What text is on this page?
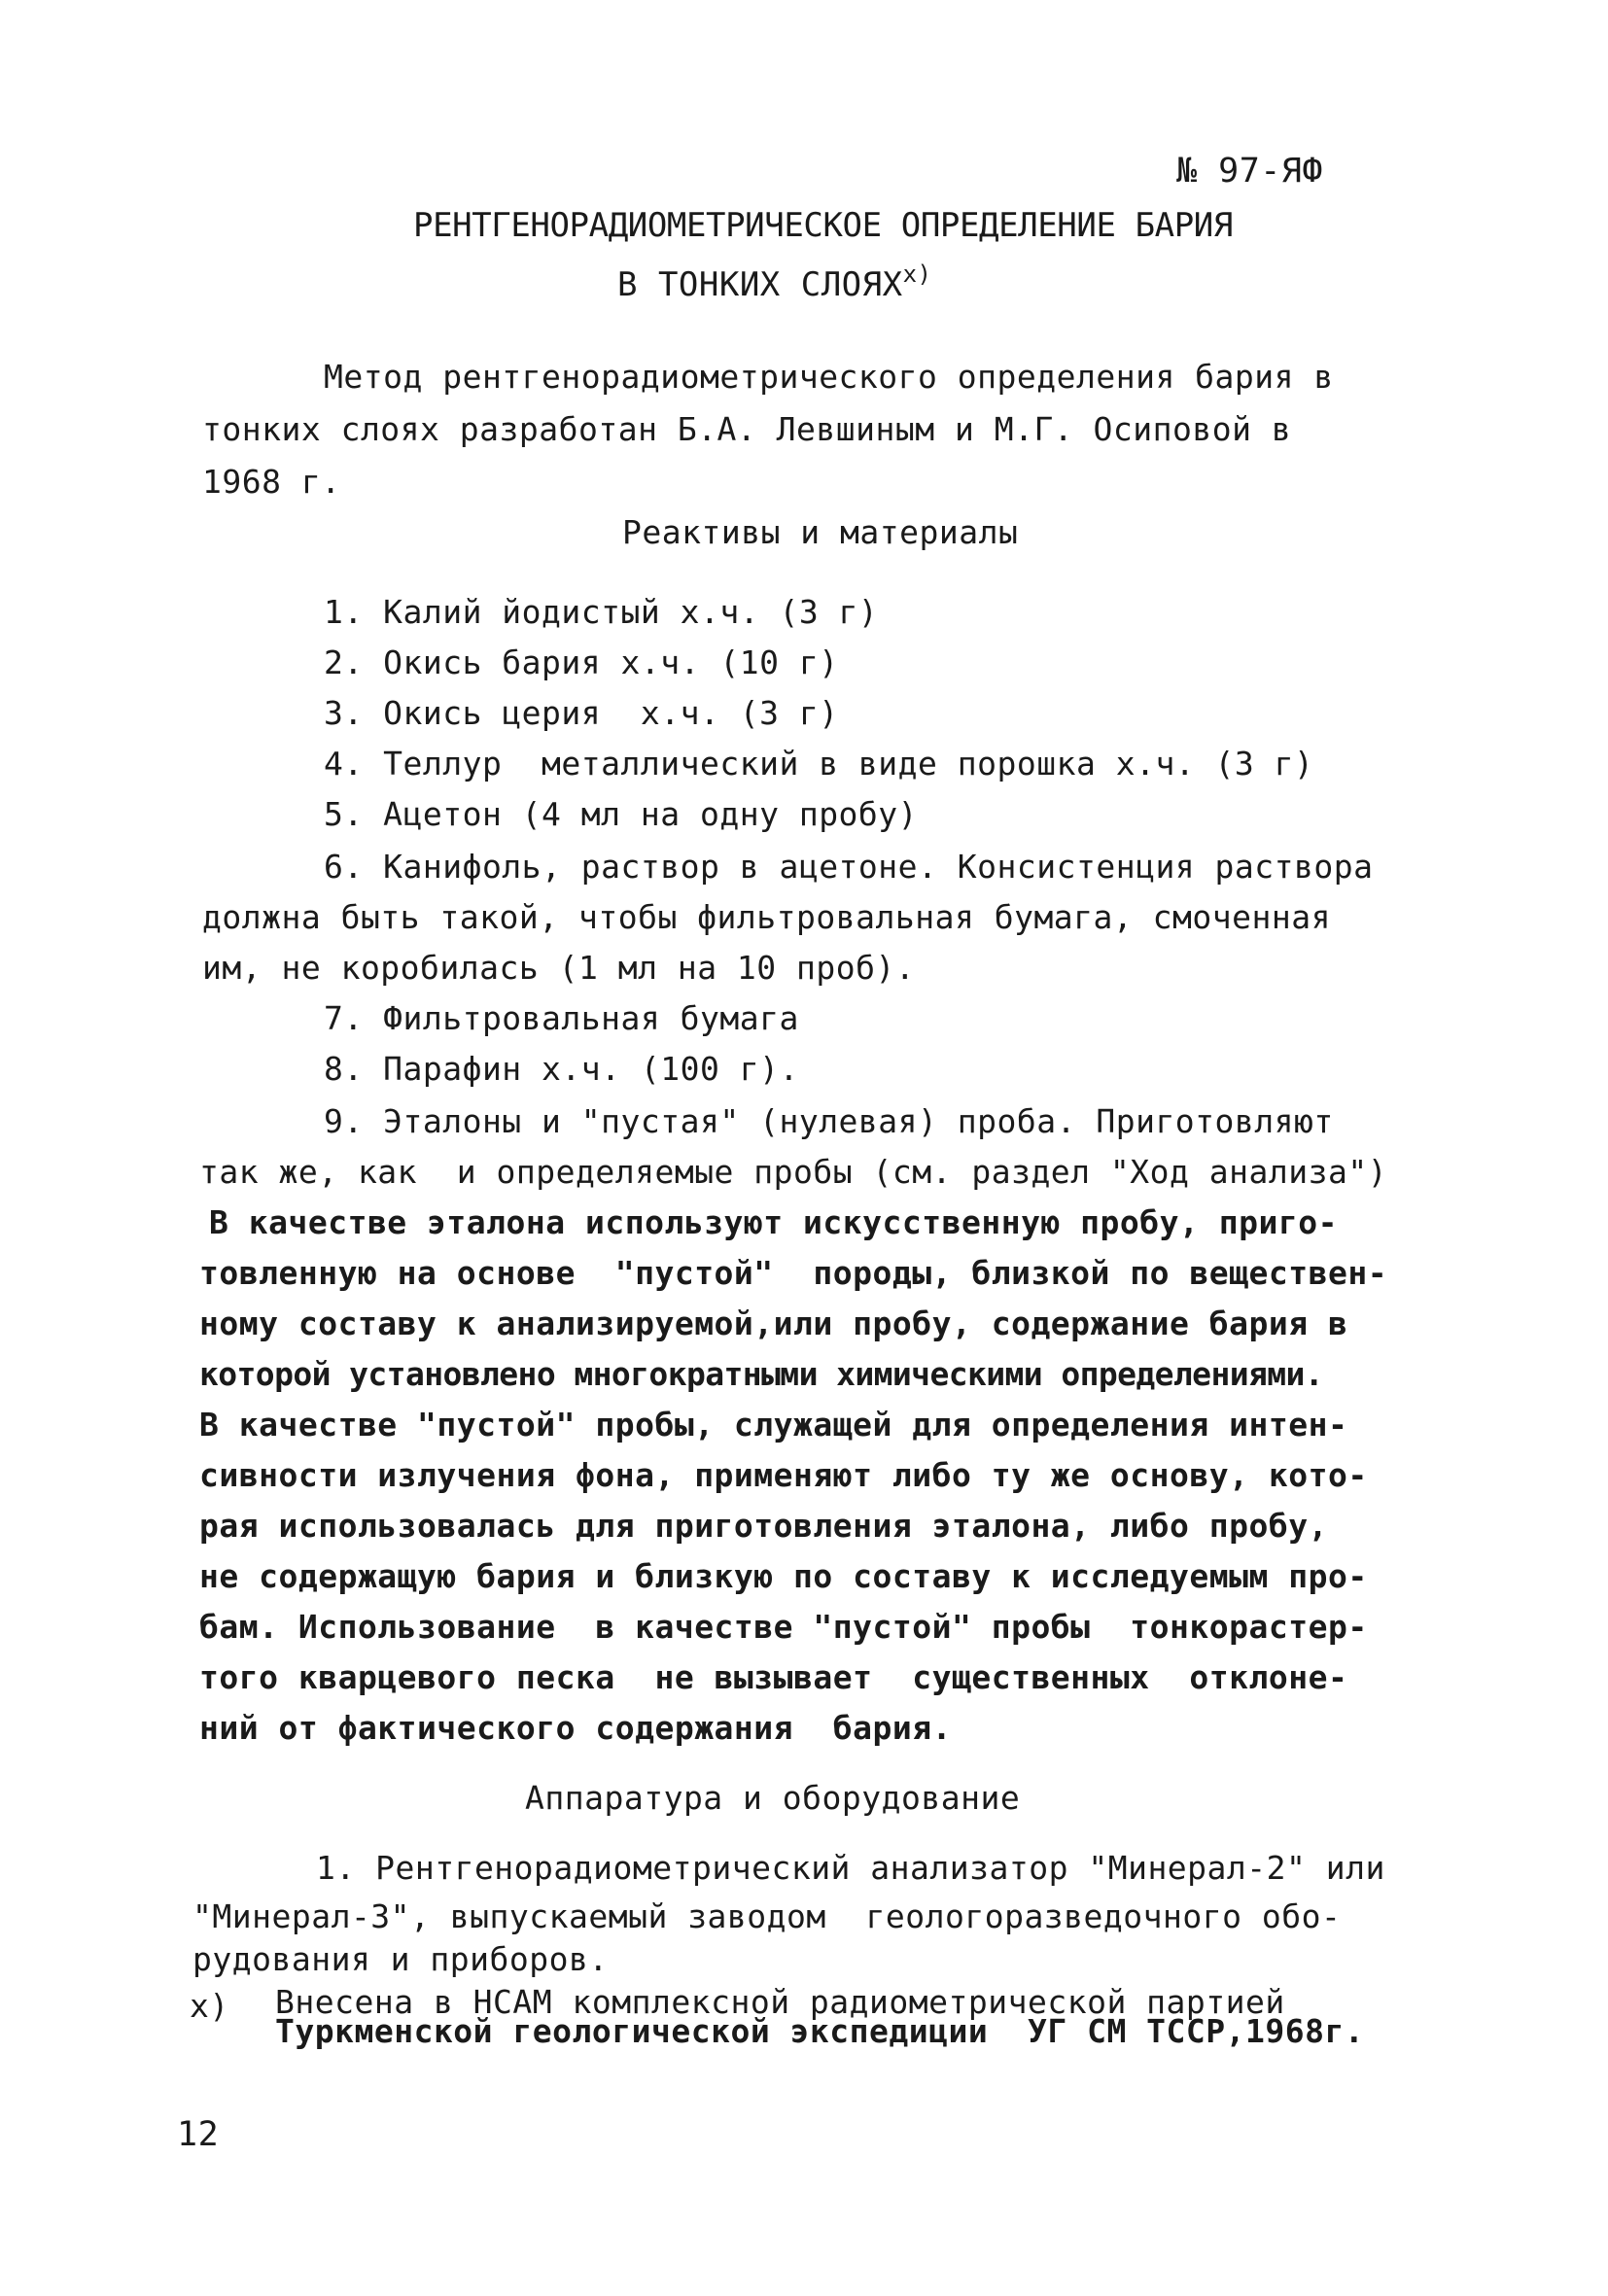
№ 97-ЯФ
РЕНТГЕНОРАДИОМЕТРИЧЕСКОЕ ОПРЕДЕЛЕНИЕ БАРИЯ
В ТОНКИХ СЛОЯХ$^{x)}$
Метод рентгенорадиометрического определения бария в
тонких слоях разработан Б.А. Левшиным и М.Г. Осиповой в
1968 г.
Реактивы и материалы
1. Калий йодистый х.ч. (3 г)
2. Окись бария х.ч. (10 г)
3. Окись церия  х.ч. (3 г)
4. Теллур  металлический в виде порошка х.ч. (3 г)
5. Ацетон (4 мл на одну пробу)
6. Канифоль, раствор в ацетоне. Консистенция раствора
должна быть такой, чтобы фильтровальная бумага, смоченная
им, не коробилась (1 мл на 10 проб).
7. Фильтровальная бумага
8. Парафин х.ч. (100 г).
9. Эталоны и "пустая" (нулевая) проба. Приготовляют
так же, как  и определяемые пробы (см. раздел "Ход анализа")
В качестве эталона используют искусственную пробу, приго-
товленную на основе  "пустой"  породы, близкой по веществен-
ному составу к анализируемой,или пробу, содержание бария в
которой установлено многократными химическими определениями.
В качестве "пустой" пробы, служащей для определения интен-
сивности излучения фона, применяют либо ту же основу, кото-
рая использовалась для приготовления эталона, либо пробу,
не содержащую бария и близкую по составу к исследуемым про-
бам. Использование  в качестве "пустой" пробы  тонкорастер-
того кварцевого песка  не вызывает  существенных  отклоне-
ний от фактического содержания  бария.
Аппаратура и оборудование
1. Рентгенорадиометрический анализатор "Минерал-2" или
"Минерал-3", выпускаемый заводом  геологоразведочного обо-
рудования и приборов.
x) Внесена в НСАМ комплексной радиометрической партией
Туркменской геологической экспедиции  УГ СМ ТССР,1968г.
12
